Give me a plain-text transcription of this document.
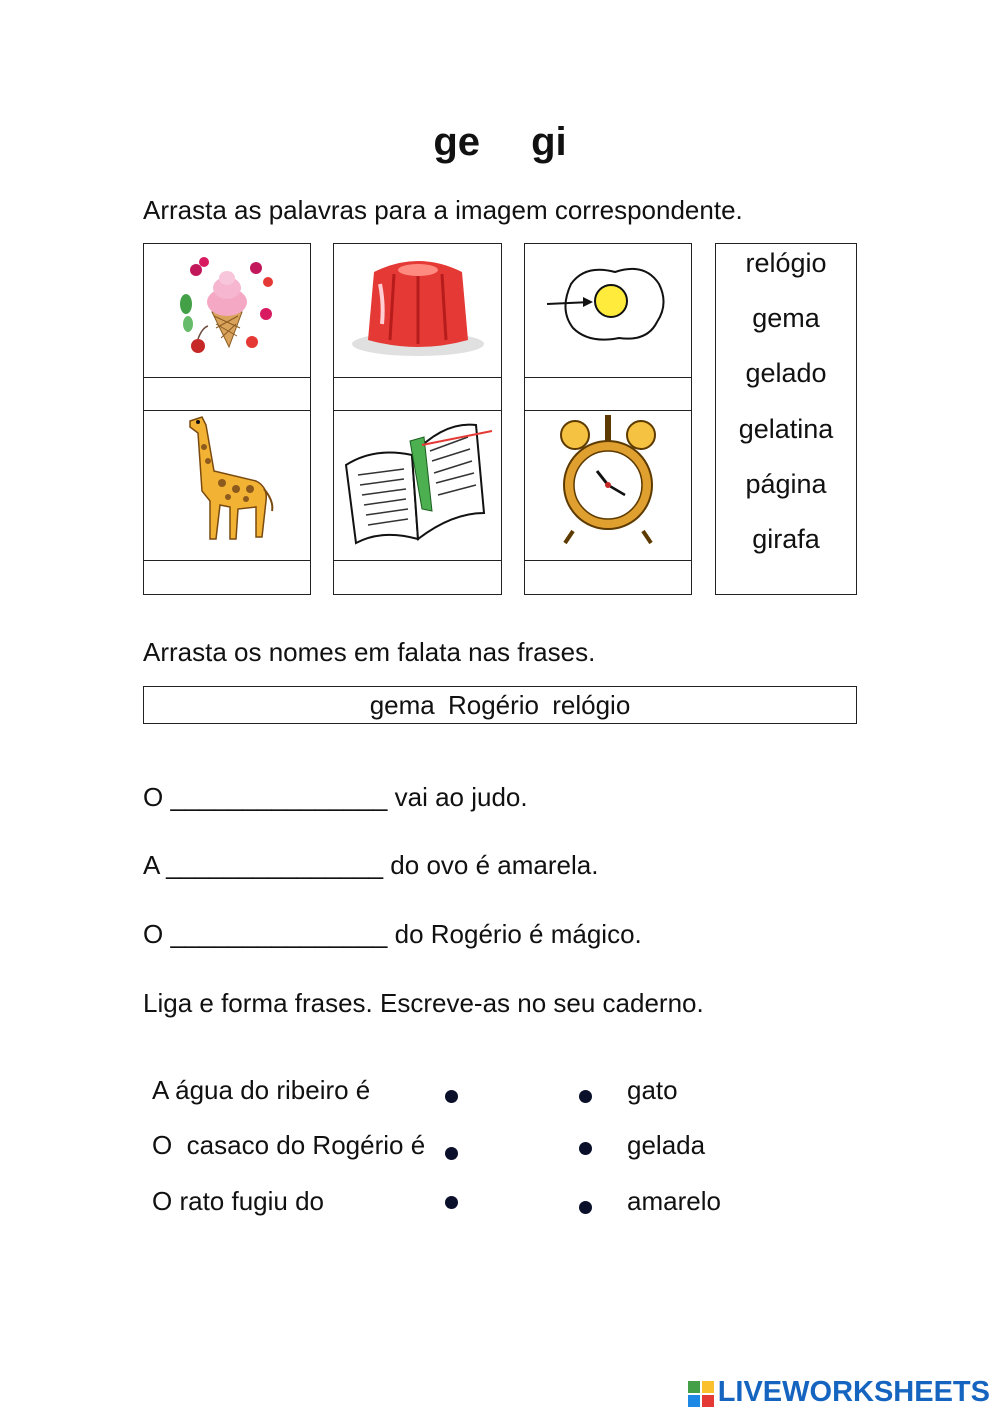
ge gi
Arrasta as palavras para a imagem correspondente.
relógio
gema
gelado
gelatina
página
girafa
Arrasta os nomes em falata nas frases.
gema Rogério relógio
O _______________ vai ao judo.
A _______________ do ovo é amarela.
O _______________ do Rogério é mágico.
Liga e forma frases. Escreve-as no seu caderno.
A água do ribeiro é
O  casaco do Rogério é
O rato fugiu do
gato
gelada
amarelo
LIVEWORKSHEETS
